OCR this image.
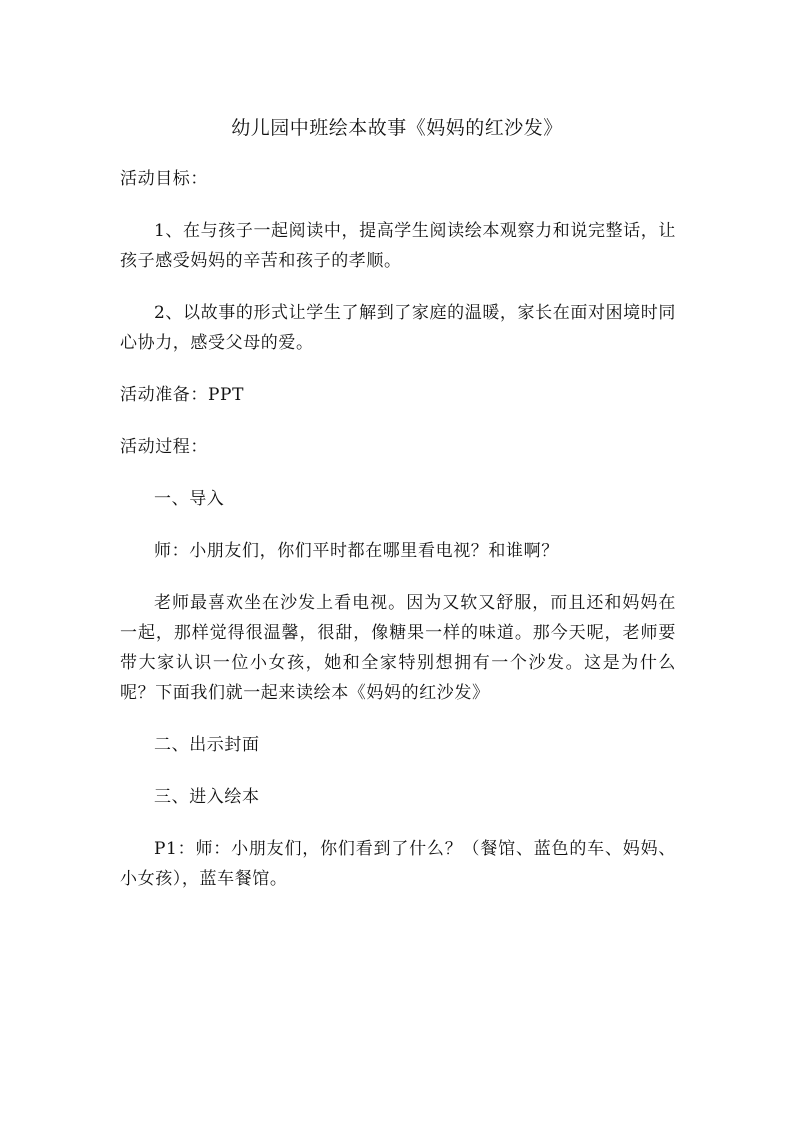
幼儿园中班绘本故事《妈妈的红沙发》

活动目标：

1、在与孩子一起阅读中，提高学生阅读绘本观察力和说完整话，让孩子感受妈妈的辛苦和孩子的孝顺。

2、以故事的形式让学生了解到了家庭的温暖，家长在面对困境时同心协力，感受父母的爱。

活动准备：PPT

活动过程：

一、导入

师：小朋友们，你们平时都在哪里看电视？和谁啊？

老师最喜欢坐在沙发上看电视。因为又软又舒服，而且还和妈妈在一起，那样觉得很温馨，很甜，像糖果一样的味道。那今天呢，老师要带大家认识一位小女孩，她和全家特别想拥有一个沙发。这是为什么呢？下面我们就一起来读绘本《妈妈的红沙发》

二、出示封面

三、进入绘本

P1：师：小朋友们，你们看到了什么？（餐馆、蓝色的车、妈妈、小女孩），蓝车餐馆。
